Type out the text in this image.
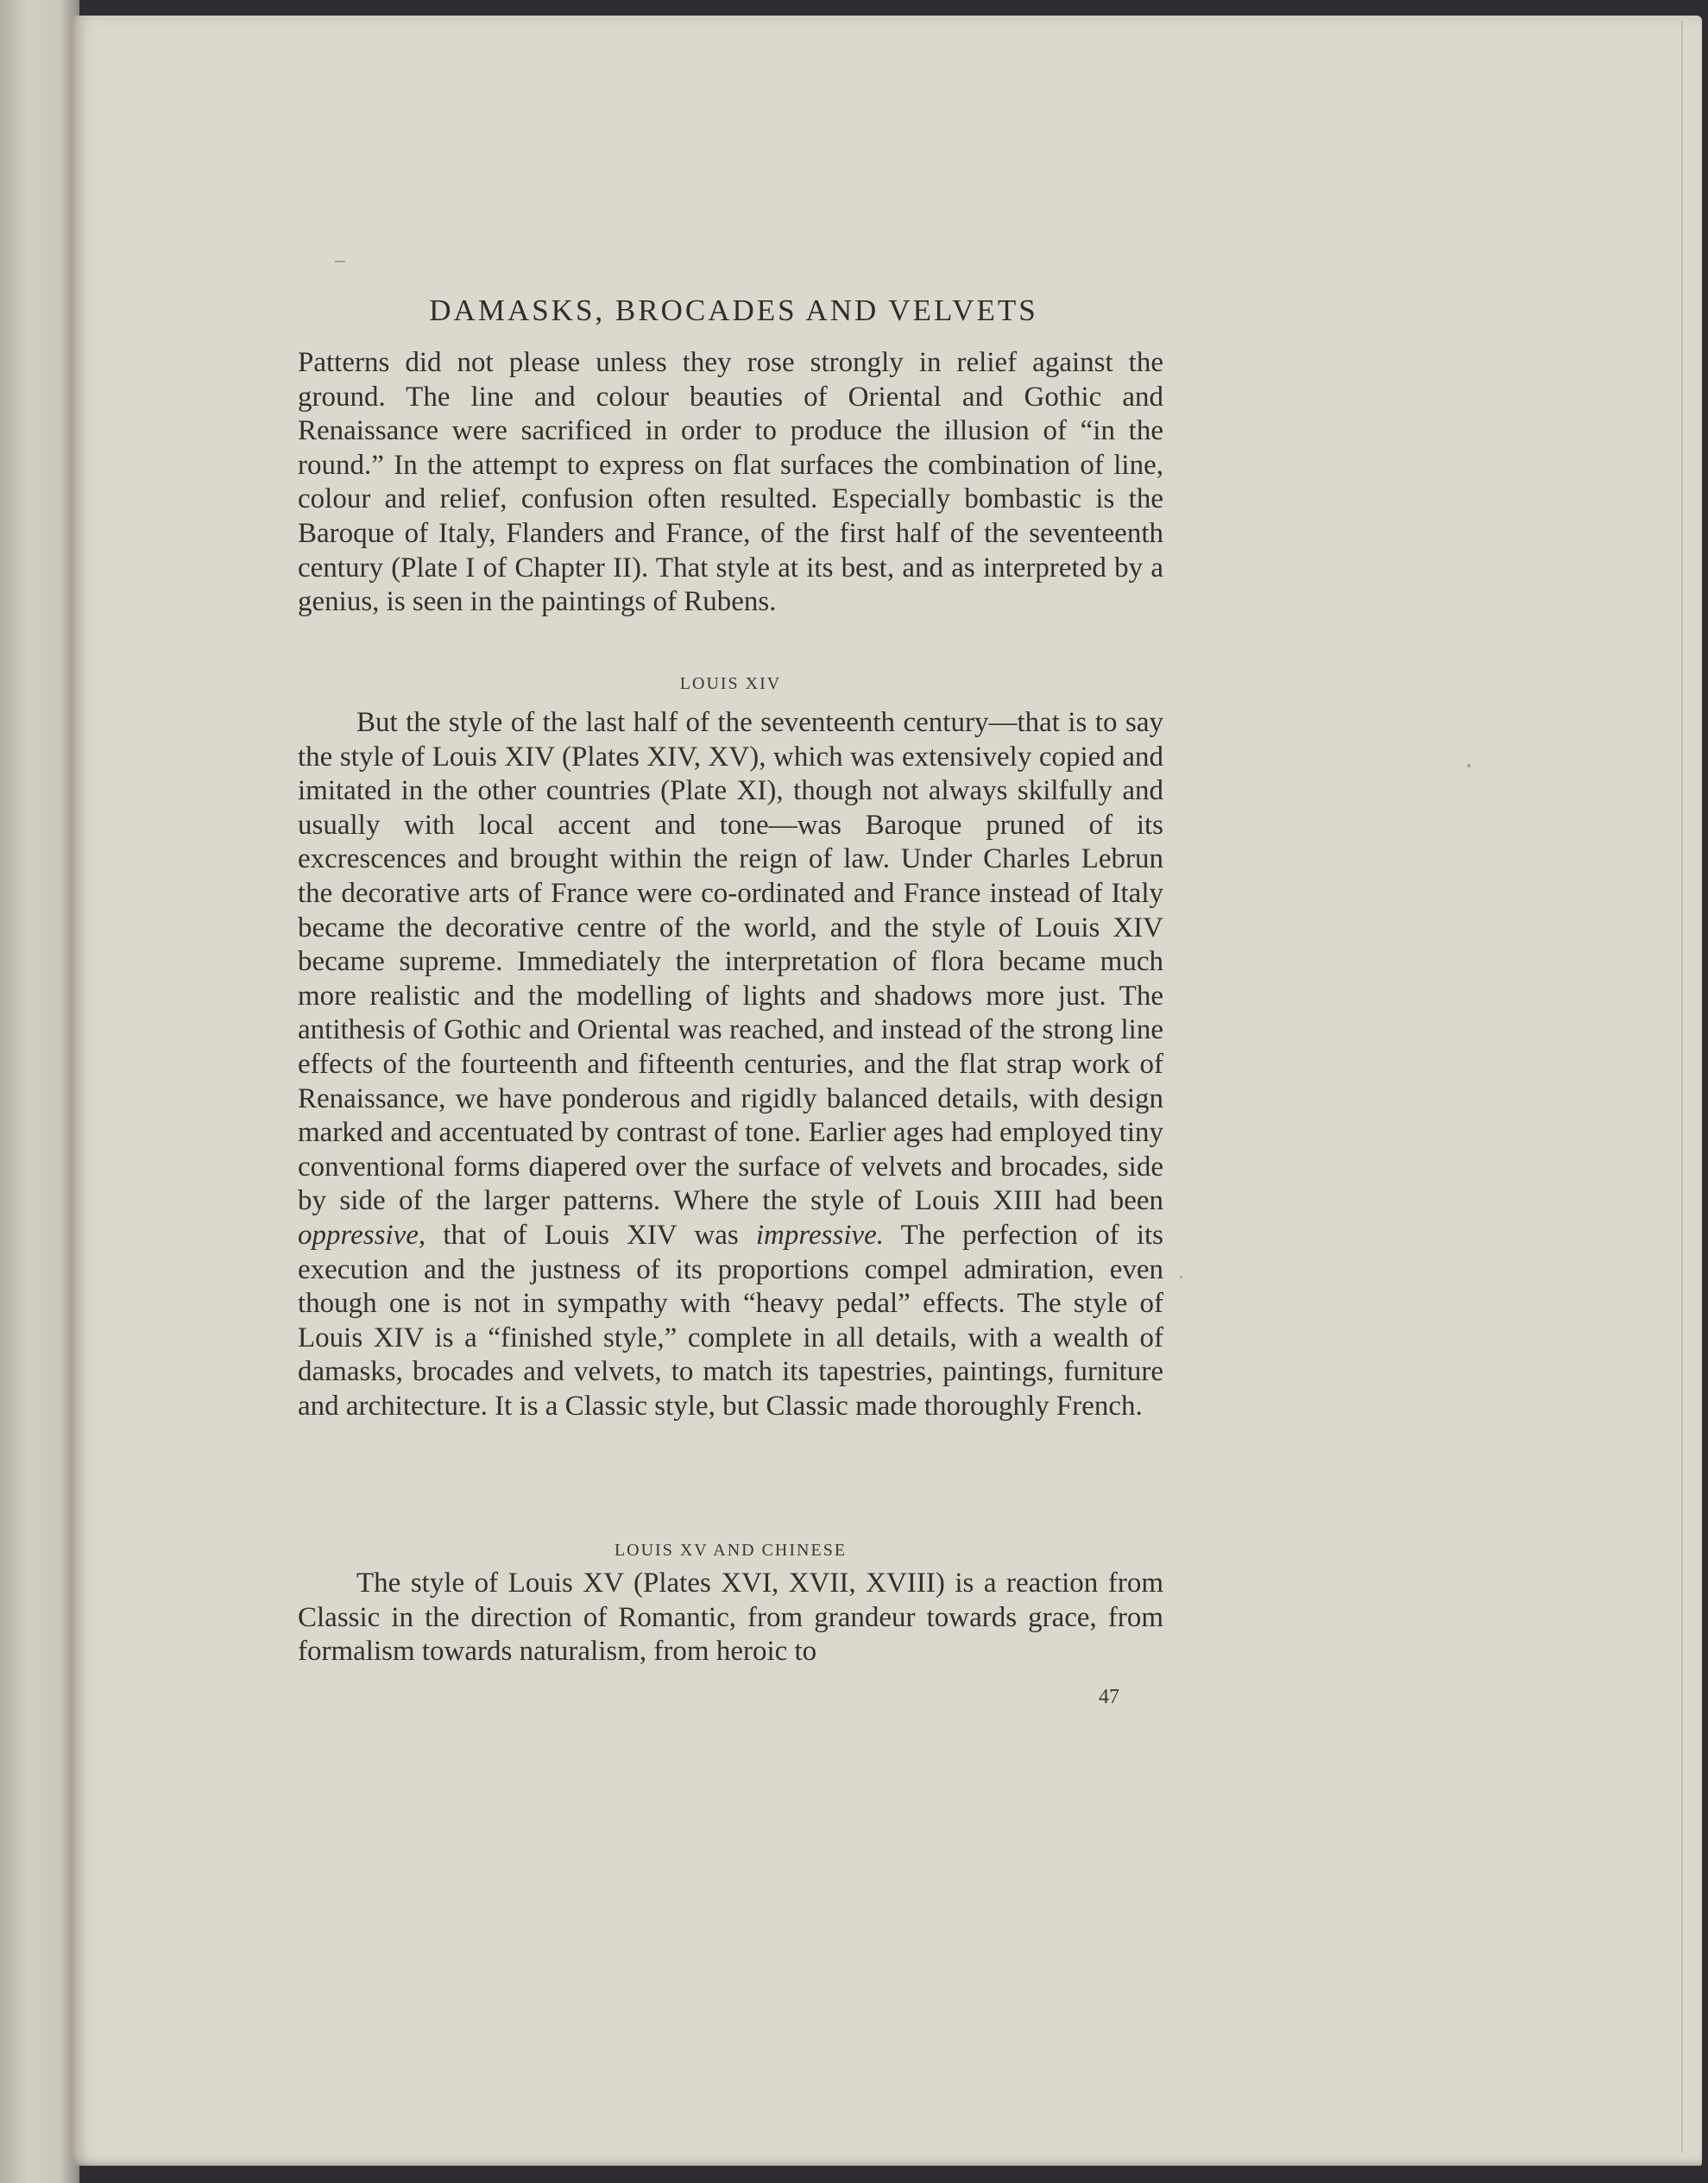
DAMASKS, BROCADES AND VELVETS

Patterns did not please unless they rose strongly in relief against the ground. The line and colour beauties of Oriental and Gothic and Renaissance were sacrificed in order to produce the illusion of “in the round.” In the attempt to express on flat surfaces the combination of line, colour and relief, confusion often resulted. Especially bombastic is the Baroque of Italy, Flanders and France, of the first half of the seventeenth century (Plate I of Chapter II). That style at its best, and as interpreted by a genius, is seen in the paintings of Rubens.

LOUIS XIV

But the style of the last half of the seventeenth century—that is to say the style of Louis XIV (Plates XIV, XV), which was extensively copied and imitated in the other countries (Plate XI), though not always skilfully and usually with local accent and tone—was Baroque pruned of its excrescences and brought within the reign of law. Under Charles Lebrun the decorative arts of France were co-ordinated and France instead of Italy became the decorative centre of the world, and the style of Louis XIV became supreme. Immediately the interpretation of flora became much more realistic and the modelling of lights and shadows more just. The antithesis of Gothic and Oriental was reached, and instead of the strong line effects of the fourteenth and fifteenth centuries, and the flat strap work of Renaissance, we have ponderous and rigidly balanced details, with design marked and accentuated by contrast of tone. Earlier ages had employed tiny conventional forms diapered over the surface of velvets and brocades, side by side of the larger patterns. Where the style of Louis XIII had been oppressive, that of Louis XIV was impressive. The perfection of its execution and the justness of its proportions compel admiration, even though one is not in sympathy with “heavy pedal” effects. The style of Louis XIV is a “finished style,” complete in all details, with a wealth of damasks, brocades and velvets, to match its tapestries, paintings, furniture and architecture. It is a Classic style, but Classic made thoroughly French.

LOUIS XV AND CHINESE

The style of Louis XV (Plates XVI, XVII, XVIII) is a reaction from Classic in the direction of Romantic, from grandeur towards grace, from formalism towards naturalism, from heroic to

47
